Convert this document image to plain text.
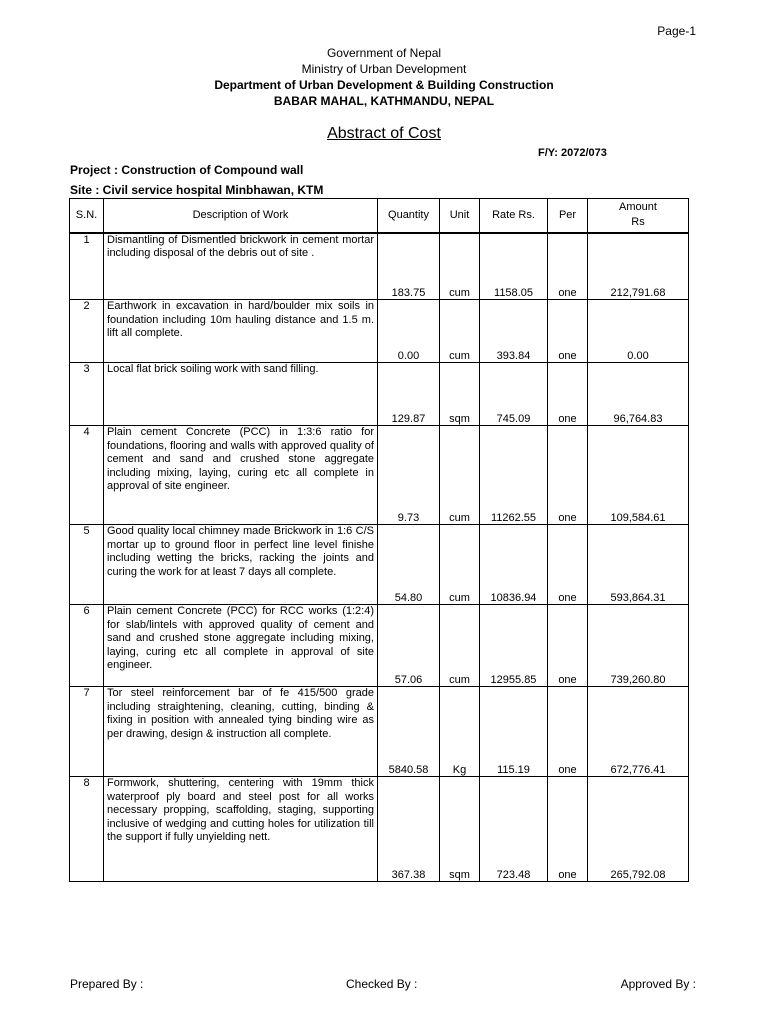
Page-1
Government of Nepal
Ministry of Urban Development
Department of Urban Development & Building Construction
BABAR MAHAL, KATHMANDU, NEPAL
Abstract of Cost
F/Y: 2072/073
Project : Construction of Compound wall
Site : Civil service hospital Minbhawan, KTM
S.N.	Description of Work	Quantity	Unit	Rate Rs.	Per	Amount
Rs
1	Dismantling of Dismentled brickwork in cement mortar including disposal of the debris out of site .	183.75	cum	1158.05	one	212,791.68
2	Earthwork in excavation in hard/boulder mix soils in foundation including 10m hauling distance and 1.5 m. lift all complete.	0.00	cum	393.84	one	0.00
3	Local flat brick soiling work with sand filling.	129.87	sqm	745.09	one	96,764.83
4	Plain cement Concrete (PCC) in 1:3:6 ratio for foundations, flooring and walls with approved quality of cement and sand and crushed stone aggregate including mixing, laying, curing etc all complete in approval of site engineer.	9.73	cum	11262.55	one	109,584.61
5	Good quality local chimney made Brickwork in 1:6 C/S mortar up to ground floor in perfect line level finishe including wetting the bricks, racking the joints and curing the work for at least 7 days all complete.	54.80	cum	10836.94	one	593,864.31
6	Plain cement Concrete (PCC) for RCC works (1:2:4) for slab/lintels with approved quality of cement and sand and crushed stone aggregate including mixing, laying, curing etc all complete in approval of site engineer.	57.06	cum	12955.85	one	739,260.80
7	Tor steel reinforcement bar of fe 415/500 grade including straightening, cleaning, cutting, binding & fixing in position with annealed tying binding wire as per drawing, design & instruction all complete.	5840.58	Kg	115.19	one	672,776.41
8	Formwork, shuttering, centering with 19mm thick waterproof ply board and steel post for all works necessary propping, scaffolding, staging, supporting inclusive of wedging and cutting holes for utilization till the support if fully unyielding nett.	367.38	sqm	723.48	one	265,792.08
Prepared By :	Checked By :	Approved By :
